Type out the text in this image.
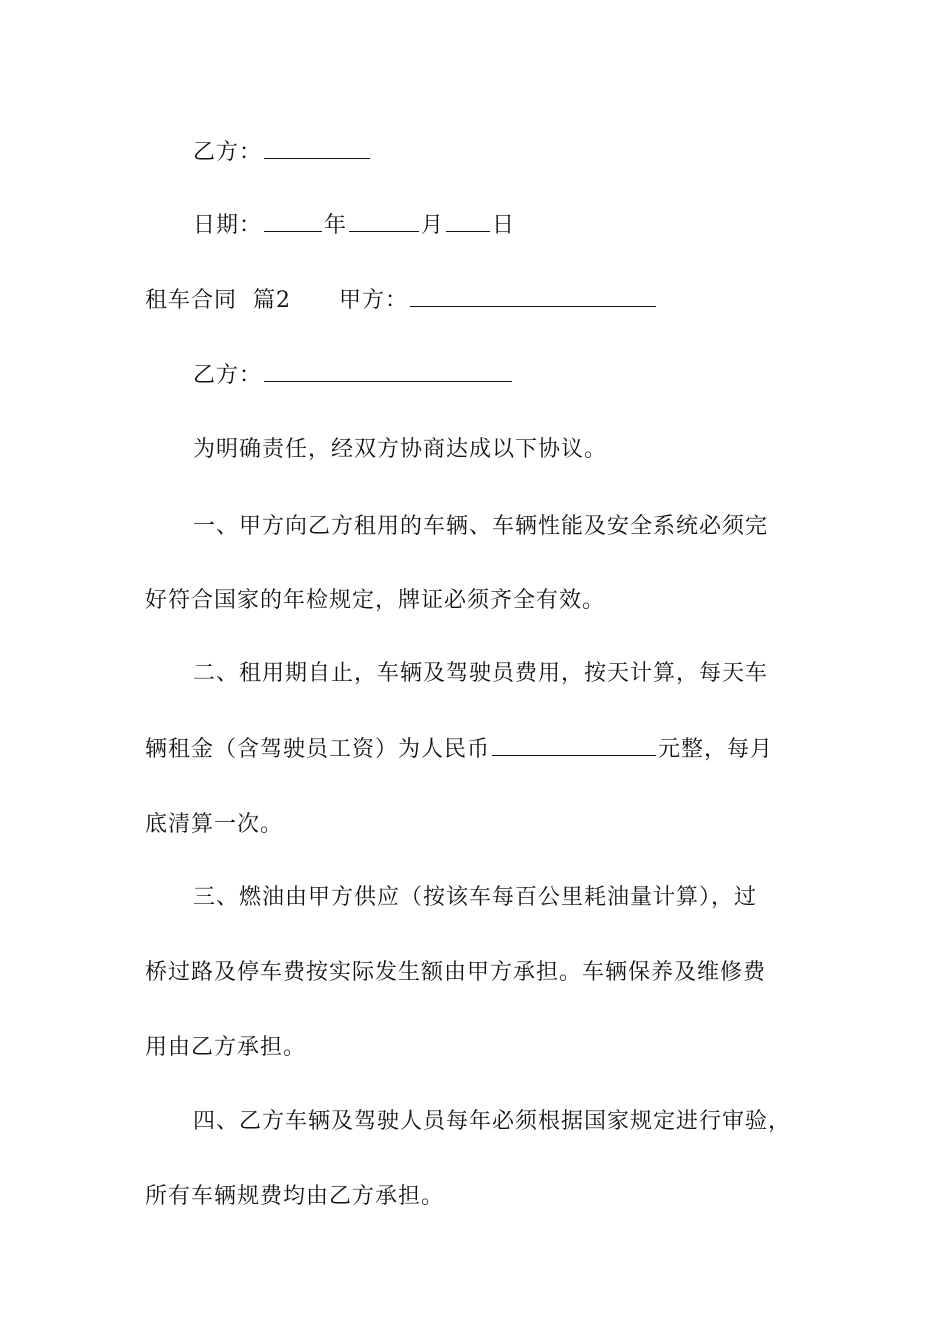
乙方：
日期：	年	月 日
租车合同 篇2 甲方：
乙方：
为明确责任，经双方协商达成以下协议。
一、甲方向乙方租用的车辆、车辆性能及安全系统必须完
好符合国家的年检规定，牌证必须齐全有效。
二、租用期自止，车辆及驾驶员费用，按天计算，每天车
辆租金（含驾驶员工资）为人民币	元整，每月
底清算一次。
三、燃油由甲方供应（按该车每百公里耗油量计算），过
桥过路及停车费按实际发生额由甲方承担。车辆保养及维修费
用由乙方承担。
四、乙方车辆及驾驶人员每年必须根据国家规定进行审验，
所有车辆规费均由乙方承担。
